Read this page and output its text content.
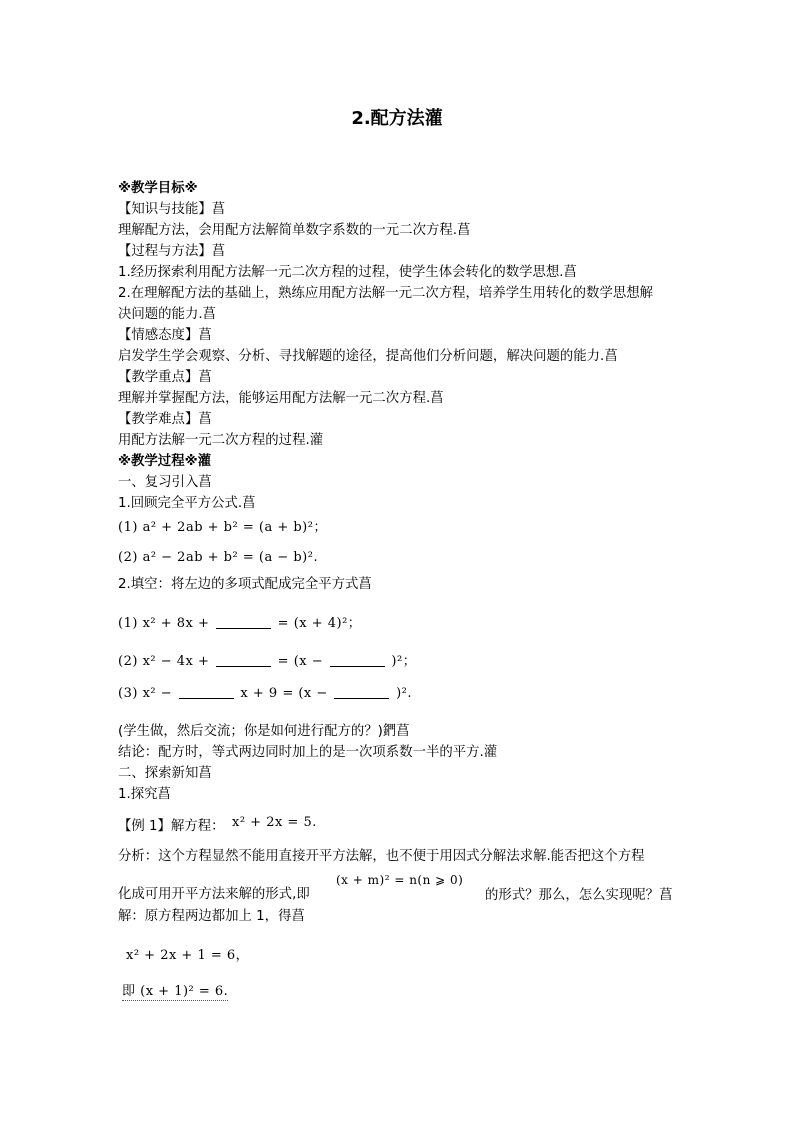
2.配方法灌
※教学目标※
【知识与技能】菖
理解配方法，会用配方法解简单数字系数的一元二次方程.菖
【过程与方法】菖
1.经历探索利用配方法解一元二次方程的过程，使学生体会转化的数学思想.菖
2.在理解配方法的基础上，熟练应用配方法解一元二次方程，培养学生用转化的数学思想解
决问题的能力.菖
【情感态度】菖
启发学生学会观察、分析、寻找解题的途径，提高他们分析问题，解决问题的能力.菖
【教学重点】菖
理解并掌握配方法，能够运用配方法解一元二次方程.菖
【教学难点】菖
用配方法解一元二次方程的过程.灌
※教学过程※灌
一、复习引入菖
1.回顾完全平方公式.菖
(1) a² + 2ab + b² = (a + b)²；
(2) a² − 2ab + b² = (a − b)².
2.填空：将左边的多项式配成完全平方式菖
(1) x² + 8x +	= (x + 4)²；
(2) x² − 4x +	= (x −	)²；
(3) x² −	x + 9 = (x −	)².
(学生做，然后交流；你是如何进行配方的？)鍆菖
结论：配方时，等式两边同时加上的是一次项系数一半的平方.灌
二、探索新知菖
1.探究菖
【例 1】解方程： x² + 2x = 5.
分析：这个方程显然不能用直接开平方法解，也不便于用因式分解法求解.能否把这个方程
化成可用开平方法来解的形式,即
(x + m)² = n(n ⩾ 0)
的形式？那么，怎么实现呢？菖
解：原方程两边都加上 1，得菖
x² + 2x + 1 = 6，
即 (x + 1)² = 6.
